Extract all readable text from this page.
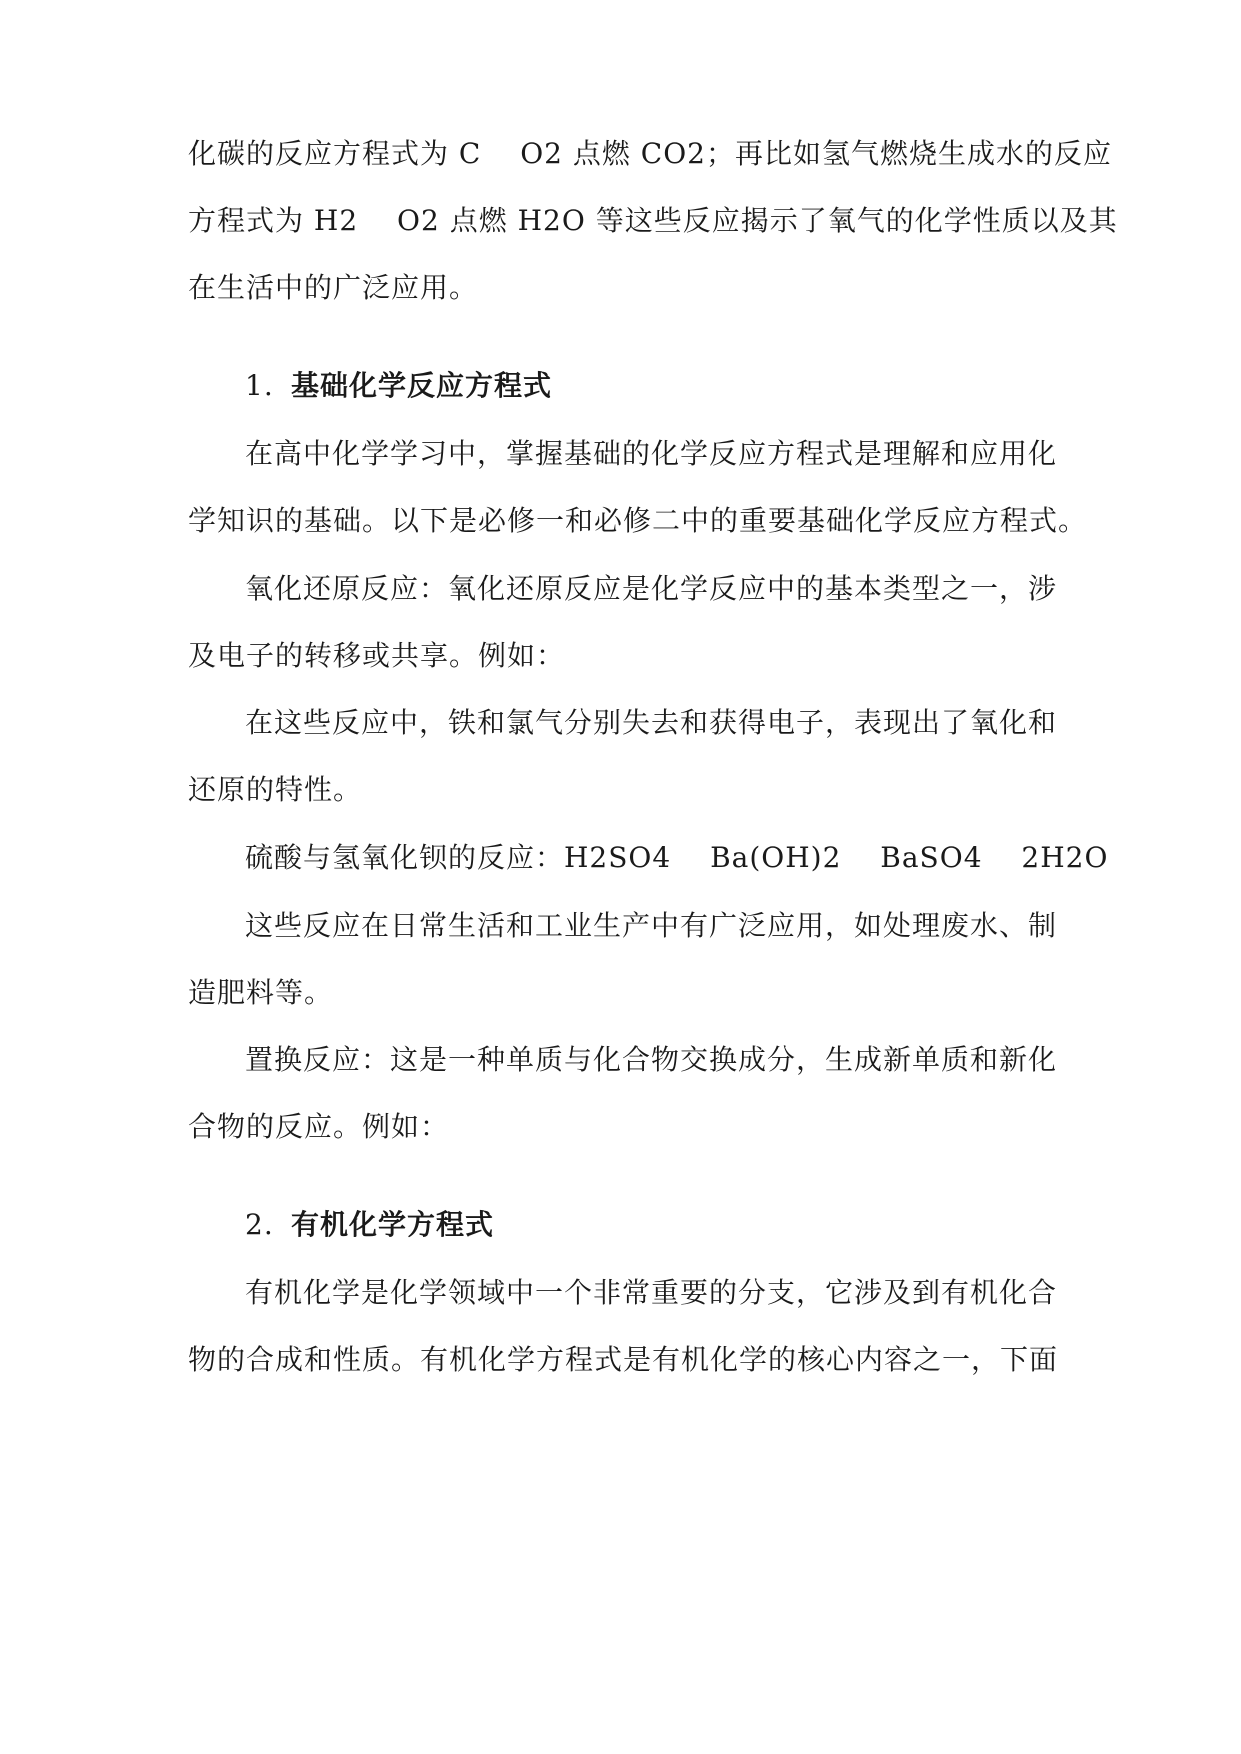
化碳的反应方程式为 C　 O2 点燃 CO2；再比如氢气燃烧生成水的反应
方程式为 H2　 O2 点燃 H2O 等这些反应揭示了氧气的化学性质以及其
在生活中的广泛应用。
1. 基础化学反应方程式
在高中化学学习中，掌握基础的化学反应方程式是理解和应用化
学知识的基础。以下是必修一和必修二中的重要基础化学反应方程式。
氧化还原反应：氧化还原反应是化学反应中的基本类型之一，涉
及电子的转移或共享。例如：
在这些反应中，铁和氯气分别失去和获得电子，表现出了氧化和
还原的特性。
硫酸与氢氧化钡的反应：H2SO4　 Ba(OH)2　 BaSO4　 2H2O
这些反应在日常生活和工业生产中有广泛应用，如处理废水、制
造肥料等。
置换反应：这是一种单质与化合物交换成分，生成新单质和新化
合物的反应。例如：
2. 有机化学方程式
有机化学是化学领域中一个非常重要的分支，它涉及到有机化合
物的合成和性质。有机化学方程式是有机化学的核心内容之一，下面
